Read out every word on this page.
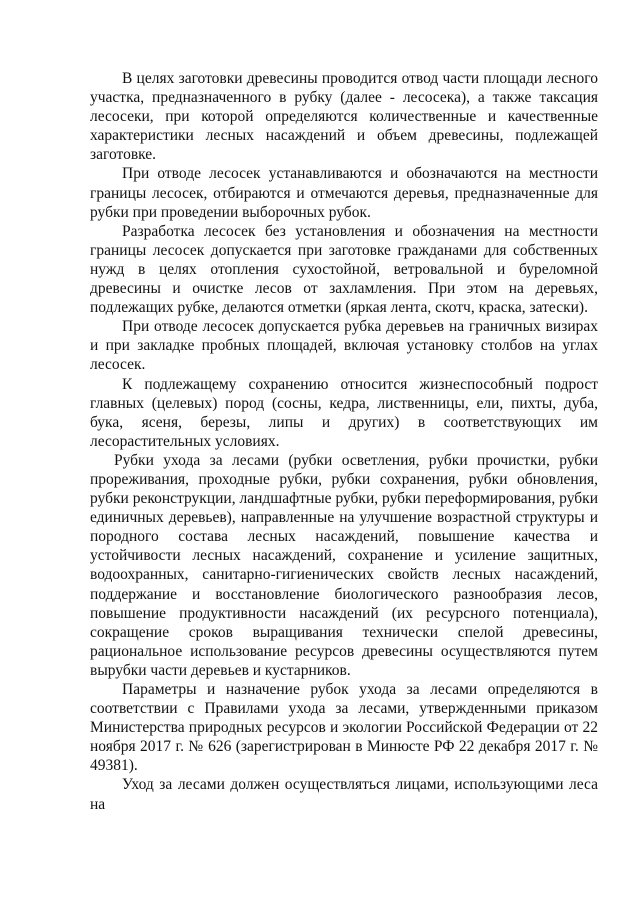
В целях заготовки древесины проводится отвод части площади лесного участка, предназначенного в рубку (далее - лесосека), а также таксация лесосеки, при которой определяются количественные и качественные характеристики лесных насаждений и объем древесины, подлежащей заготовке.

При отводе лесосек устанавливаются и обозначаются на местности границы лесосек, отбираются и отмечаются деревья, предназначенные для рубки при проведении выборочных рубок.

Разработка лесосек без установления и обозначения на местности границы лесосек допускается при заготовке гражданами для собственных нужд в целях отопления сухостойной, ветровальной и буреломной древесины и очистке лесов от захламления. При этом на деревьях, подлежащих рубке, делаются отметки (яркая лента, скотч, краска, затески).

При отводе лесосек допускается рубка деревьев на граничных визирах и при закладке пробных площадей, включая установку столбов на углах лесосек.

К подлежащему сохранению относится жизнеспособный подрост главных (целевых) пород (сосны, кедра, лиственницы, ели, пихты, дуба, бука, ясеня, березы, липы и других) в соответствующих им лесорастительных условиях.

Рубки ухода за лесами (рубки осветления, рубки прочистки, рубки прореживания, проходные рубки, рубки сохранения, рубки обновления, рубки реконструкции, ландшафтные рубки, рубки переформирования, рубки единичных деревьев), направленные на улучшение возрастной структуры и породного состава лесных насаждений, повышение качества и устойчивости лесных насаждений, сохранение и усиление защитных, водоохранных, санитарно-гигиенических свойств лесных насаждений, поддержание и восстановление биологического разнообразия лесов, повышение продуктивности насаждений (их ресурсного потенциала), сокращение сроков выращивания технически спелой древесины, рациональное использование ресурсов древесины осуществляются путем вырубки части деревьев и кустарников.

Параметры и назначение рубок ухода за лесами определяются в соответствии с Правилами ухода за лесами, утвержденными приказом Министерства природных ресурсов и экологии Российской Федерации от 22 ноября 2017 г. № 626 (зарегистрирован в Минюсте РФ 22 декабря 2017 г. № 49381).

Уход за лесами должен осуществляться лицами, использующими леса на
